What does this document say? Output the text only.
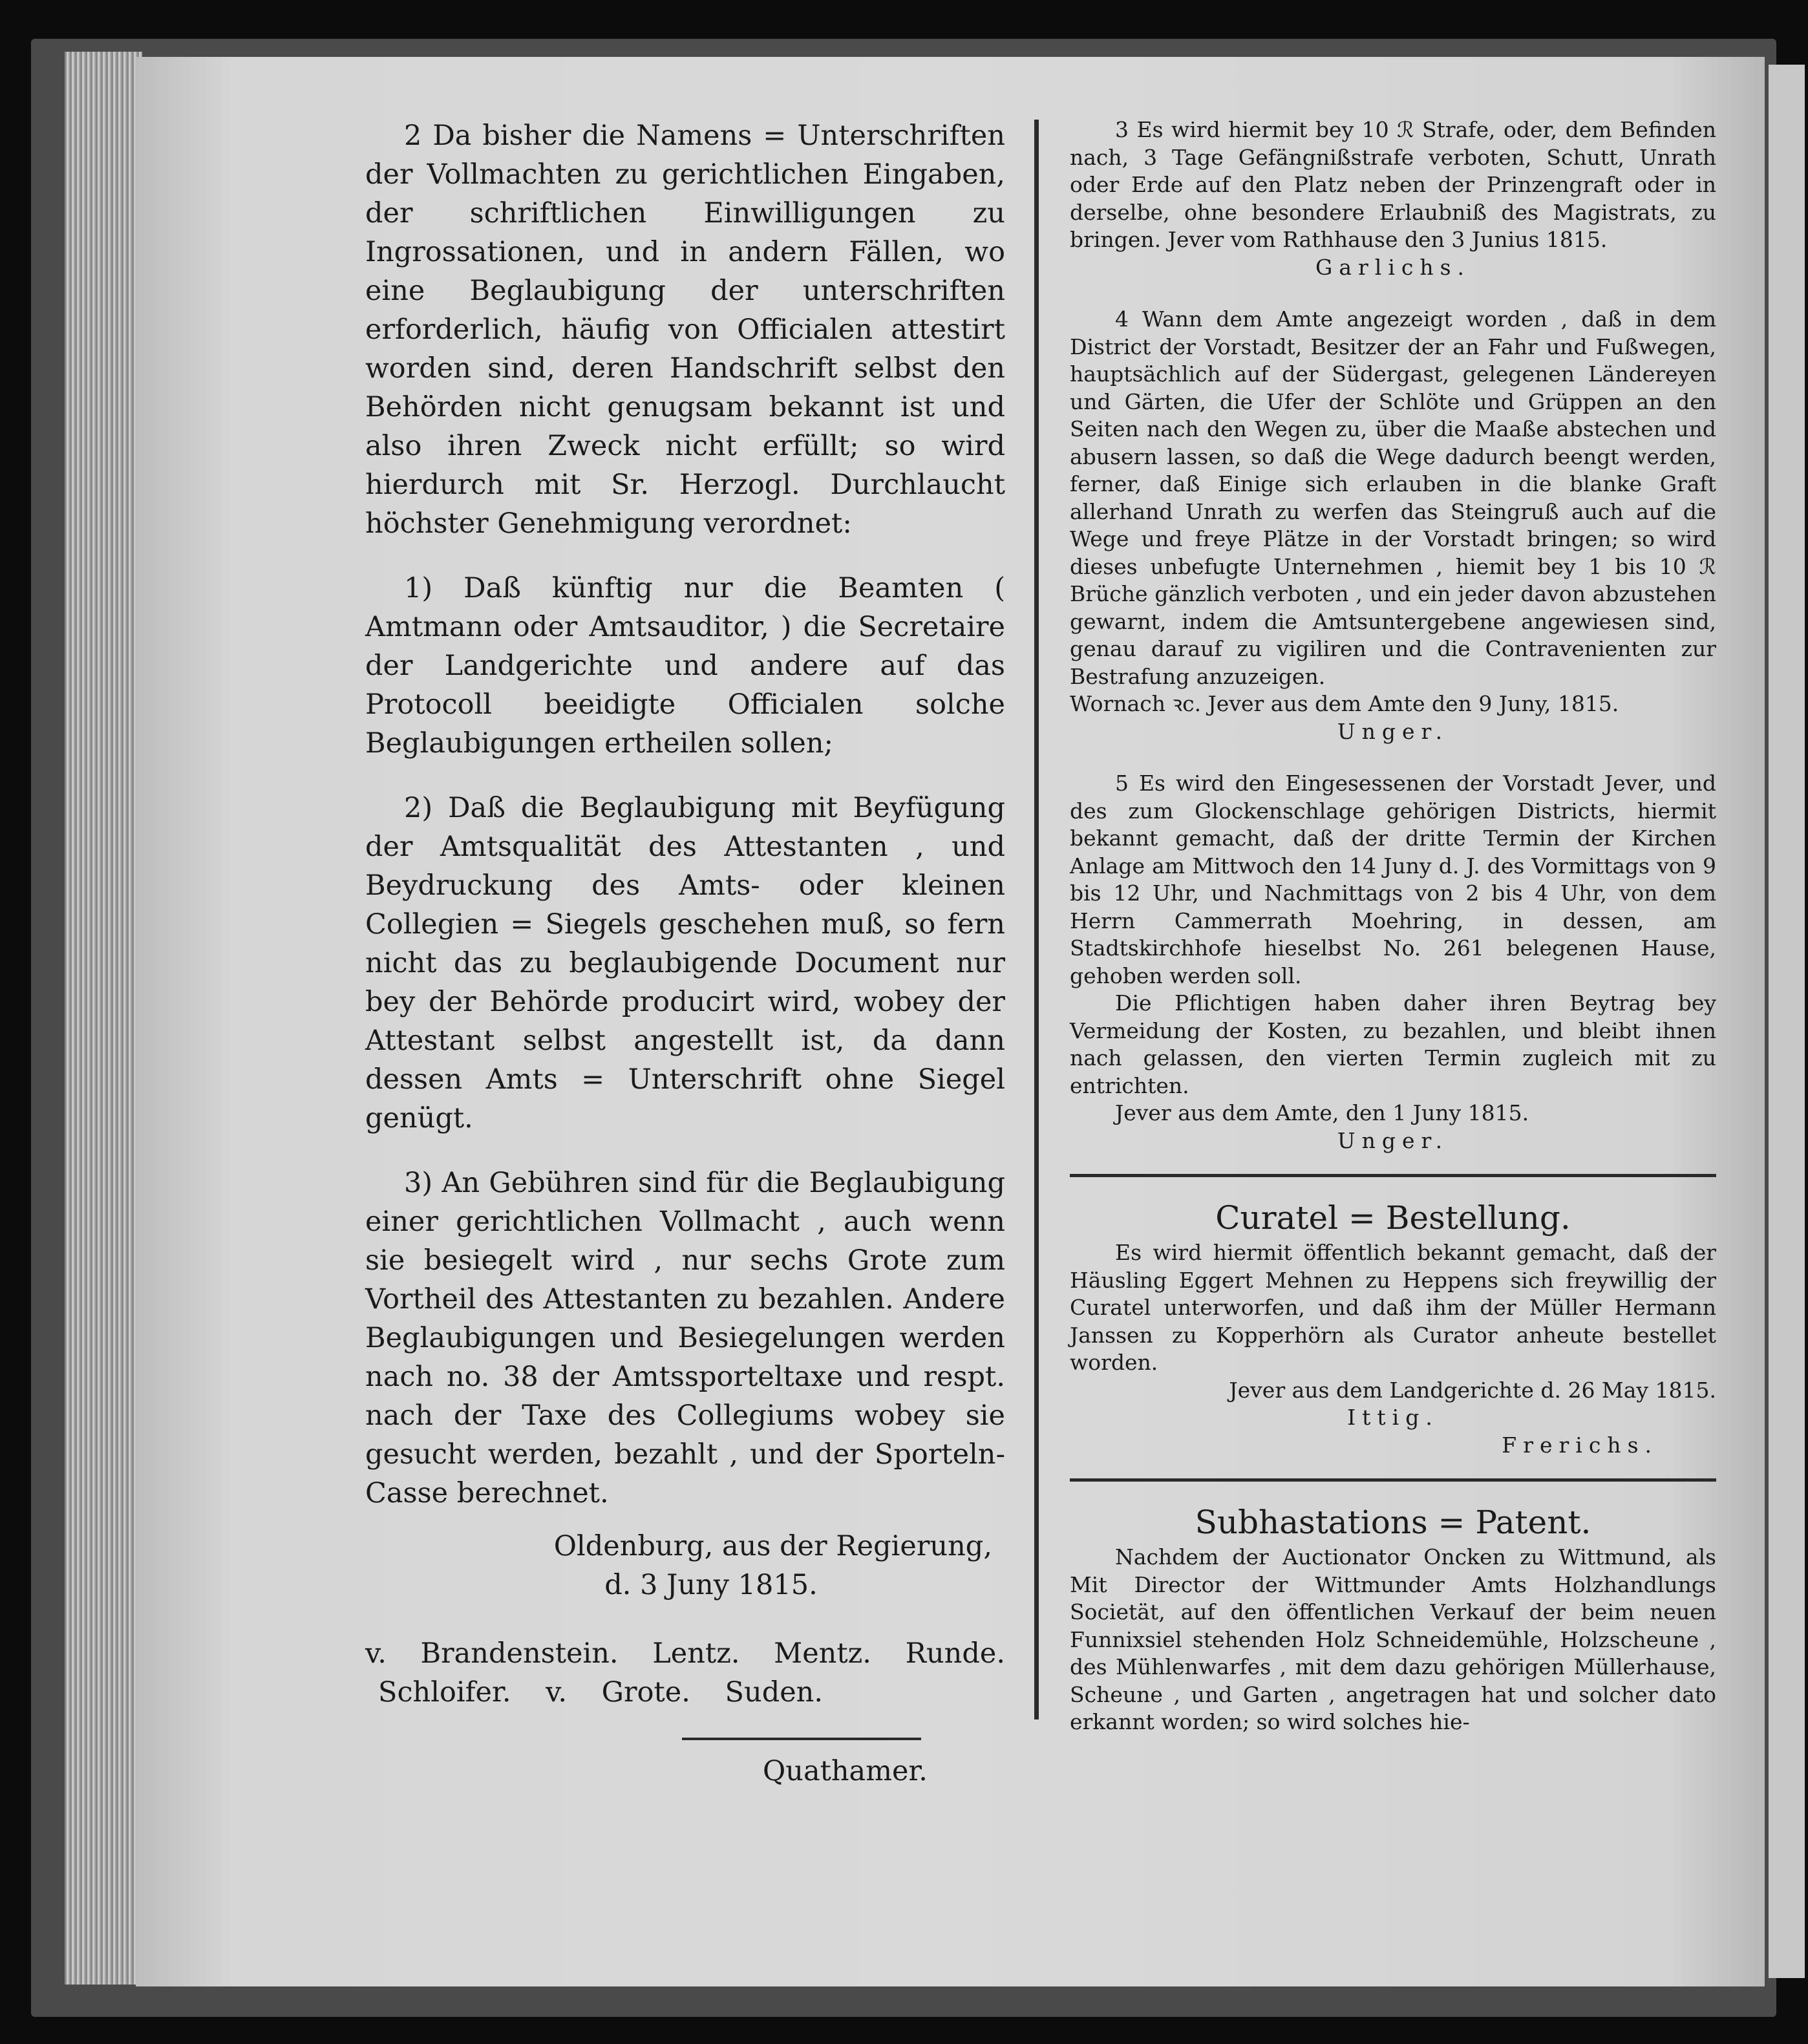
2 Da bisher die Namens = Unterschriften der Vollmachten zu gerichtlichen Eingaben, der schriftlichen Einwilligungen zu Ingrossationen, und in andern Fällen, wo eine Beglaubigung der unterschriften erforderlich, häufig von Officialen attestirt worden sind, deren Handschrift selbst den Behörden nicht genugsam bekannt ist und also ihren Zweck nicht erfüllt; so wird hierdurch mit Sr. Herzogl. Durchlaucht höchster Genehmigung verordnet:

1) Daß künftig nur die Beamten ( Amtmann oder Amtsauditor, ) die Secretaire der Landgerichte und andere auf das Protocoll beeidigte Officialen solche Beglaubigungen ertheilen sollen;

2) Daß die Beglaubigung mit Beyfügung der Amtsqualität des Attestanten , und Beydruckung des Amts- oder kleinen Collegien = Siegels geschehen muß, so fern nicht das zu beglaubigende Document nur bey der Behörde producirt wird, wobey der Attestant selbst angestellt ist, da dann dessen Amts = Unterschrift ohne Siegel genügt.

3) An Gebühren sind für die Beglaubigung einer gerichtlichen Vollmacht , auch wenn sie besiegelt wird , nur sechs Grote zum Vortheil des Attestanten zu bezahlen. Andere Beglaubigungen und Besiegelungen werden nach no. 38 der Amtssporteltaxe und respt. nach der Taxe des Collegiums wobey sie gesucht werden, bezahlt , und der Sporteln-Casse berechnet.

Oldenburg, aus der Regierung,

d. 3 Juny 1815.

v. Brandenstein. Lentz. Mentz. Runde.

Schloifer. v. Grote. Suden.

Quathamer.

3 Es wird hiermit bey 10 ℛ Strafe, oder, dem Befinden nach, 3 Tage Gefängnißstrafe verboten, Schutt, Unrath oder Erde auf den Platz neben der Prinzengraft oder in derselbe, ohne besondere Erlaubniß des Magistrats, zu bringen. Jever vom Rathhause den 3 Junius 1815.

Garlichs.

4 Wann dem Amte angezeigt worden , daß in dem District der Vorstadt, Besitzer der an Fahr und Fußwegen, hauptsächlich auf der Südergast, gelegenen Ländereyen und Gärten, die Ufer der Schlöte und Grüppen an den Seiten nach den Wegen zu, über die Maaße abstechen und abusern lassen, so daß die Wege dadurch beengt werden, ferner, daß Einige sich erlauben in die blanke Graft allerhand Unrath zu werfen das Steingruß auch auf die Wege und freye Plätze in der Vorstadt bringen; so wird dieses unbefugte Unternehmen , hiemit bey 1 bis 10 ℛ Brüche gänzlich verboten , und ein jeder davon abzustehen gewarnt, indem die Amtsuntergebene angewiesen sind, genau darauf zu vigiliren und die Contravenienten zur Bestrafung anzuzeigen.

Wornach ꝛc. Jever aus dem Amte den 9 Juny, 1815.

Unger.

5 Es wird den Eingesessenen der Vorstadt Jever, und des zum Glockenschlage gehörigen Districts, hiermit bekannt gemacht, daß der dritte Termin der Kirchen Anlage am Mittwoch den 14 Juny d. J. des Vormittags von 9 bis 12 Uhr, und Nachmittags von 2 bis 4 Uhr, von dem Herrn Cammerrath Moehring, in dessen, am Stadtskirchhofe hieselbst No. 261 belegenen Hause, gehoben werden soll.

Die Pflichtigen haben daher ihren Beytrag bey Vermeidung der Kosten, zu bezahlen, und bleibt ihnen nach gelassen, den vierten Termin zugleich mit zu entrichten.

Jever aus dem Amte, den 1 Juny 1815.

Unger.

Curatel = Bestellung.

Es wird hiermit öffentlich bekannt gemacht, daß der Häusling Eggert Mehnen zu Heppens sich freywillig der Curatel unterworfen, und daß ihm der Müller Hermann Janssen zu Kopperhörn als Curator anheute bestellet worden.

Jever aus dem Landgerichte d. 26 May 1815.

Ittig.

Frerichs.

Subhastations = Patent.

Nachdem der Auctionator Oncken zu Wittmund, als Mit Director der Wittmunder Amts Holzhandlungs Societät, auf den öffentlichen Verkauf der beim neuen Funnixsiel stehenden Holz Schneidemühle, Holzscheune , des Mühlenwarfes , mit dem dazu gehörigen Müllerhause, Scheune , und Garten , angetragen hat und solcher dato erkannt worden; so wird solches hie-
